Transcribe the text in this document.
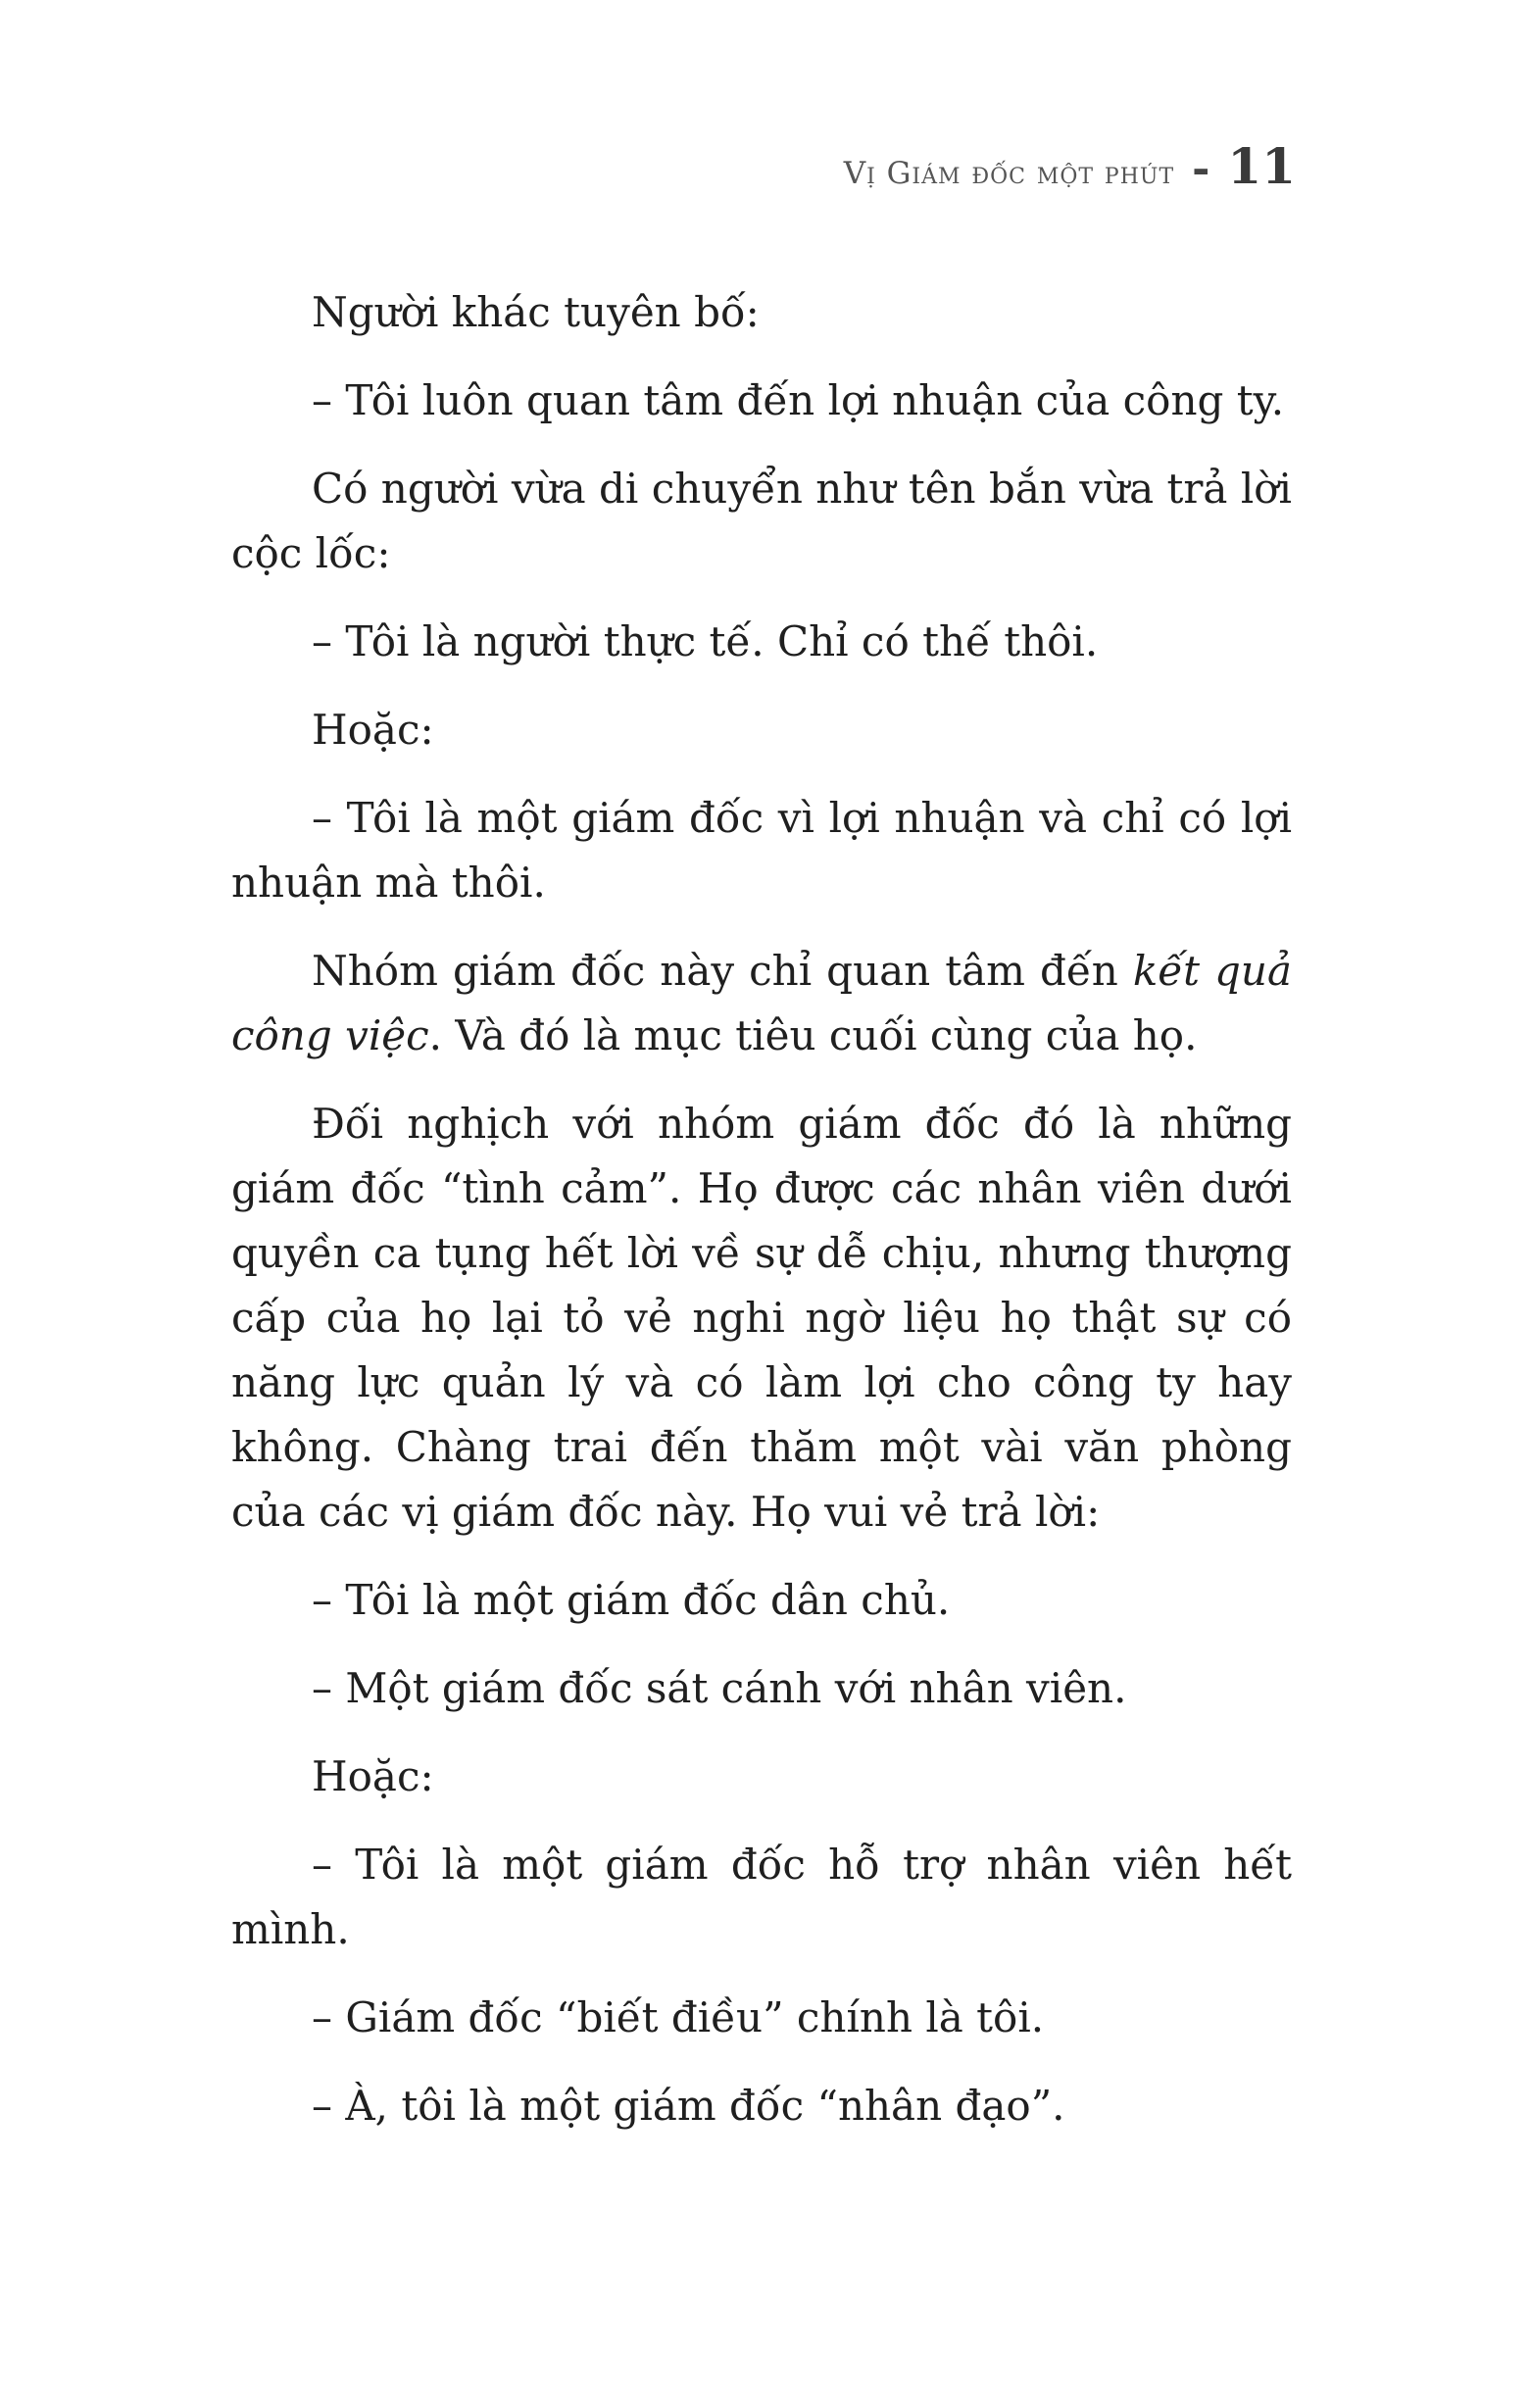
Vị Giám đốc một phút - 11

Người khác tuyên bố:

– Tôi luôn quan tâm đến lợi nhuận của công ty.

Có người vừa di chuyển như tên bắn vừa trả lời cộc lốc:

– Tôi là người thực tế. Chỉ có thế thôi.

Hoặc:

– Tôi là một giám đốc vì lợi nhuận và chỉ có lợi nhuận mà thôi.

Nhóm giám đốc này chỉ quan tâm đến kết quả công việc. Và đó là mục tiêu cuối cùng của họ.

Đối nghịch với nhóm giám đốc đó là những giám đốc “tình cảm”. Họ được các nhân viên dưới quyền ca tụng hết lời về sự dễ chịu, nhưng thượng cấp của họ lại tỏ vẻ nghi ngờ liệu họ thật sự có năng lực quản lý và có làm lợi cho công ty hay không. Chàng trai đến thăm một vài văn phòng của các vị giám đốc này. Họ vui vẻ trả lời:

– Tôi là một giám đốc dân chủ.

– Một giám đốc sát cánh với nhân viên.

Hoặc:

– Tôi là một giám đốc hỗ trợ nhân viên hết mình.

– Giám đốc “biết điều” chính là tôi.

– À, tôi là một giám đốc “nhân đạo”.
